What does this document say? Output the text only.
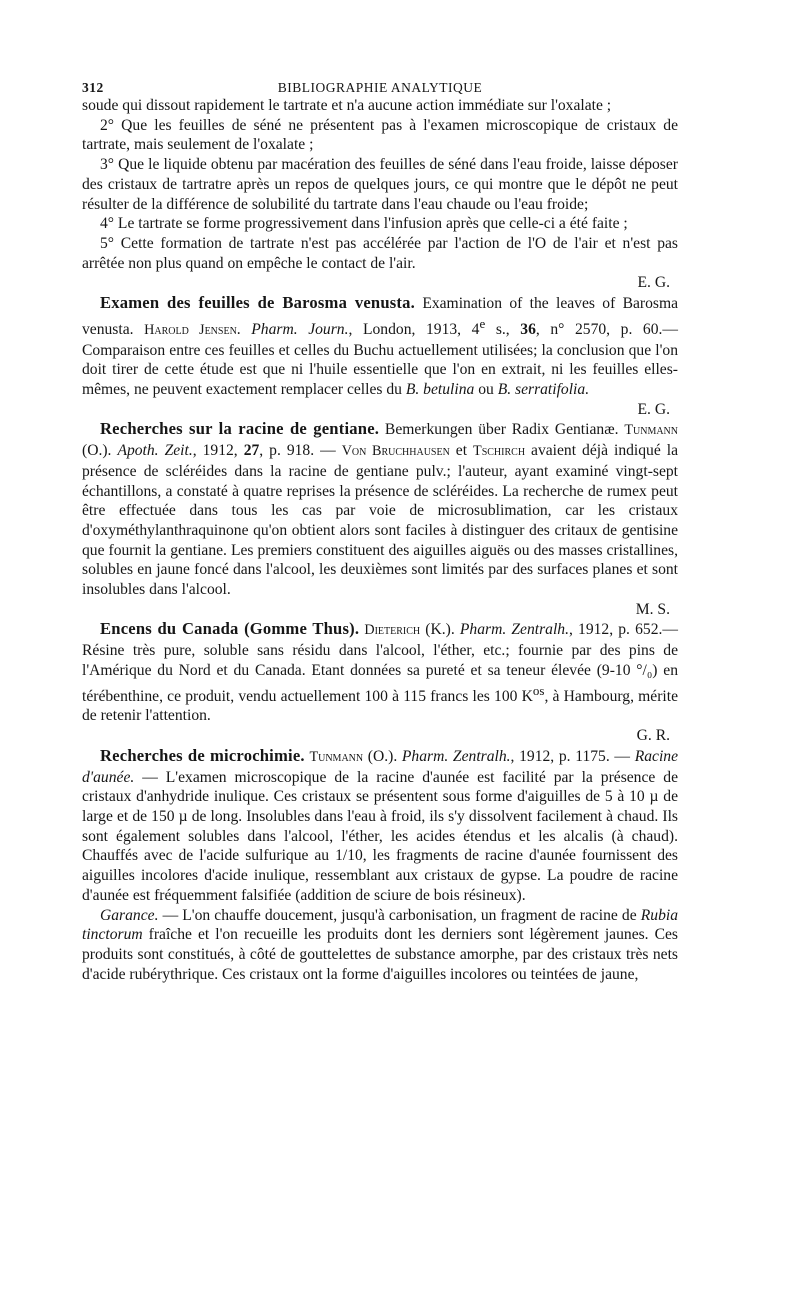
312	BIBLIOGRAPHIE ANALYTIQUE

soude qui dissout rapidement le tartrate et n'a aucune action immédiate sur l'oxalate ;

2° Que les feuilles de séné ne présentent pas à l'examen microscopique de cristaux de tartrate, mais seulement de l'oxalate ;

3° Que le liquide obtenu par macération des feuilles de séné dans l'eau froide, laisse déposer des cristaux de tartratre après un repos de quelques jours, ce qui montre que le dépôt ne peut résulter de la différence de solubilité du tartrate dans l'eau chaude ou l'eau froide;

4° Le tartrate se forme progressivement dans l'infusion après que celle-ci a été faite ;

5° Cette formation de tartrate n'est pas accélérée par l'action de l'O de l'air et n'est pas arrêtée non plus quand on empêche le contact de l'air.

E. G.

Examen des feuilles de Barosma venusta. Examination of the leaves of Barosma venusta. Harold Jensen. Pharm. Journ., London, 1913, 4e s., 36, n° 2570, p. 60.— Comparaison entre ces feuilles et celles du Buchu actuellement utilisées; la conclusion que l'on doit tirer de cette étude est que ni l'huile essentielle que l'on en extrait, ni les feuilles elles-mêmes, ne peuvent exactement remplacer celles du B. betulina ou B. serratifolia.

E. G.

Recherches sur la racine de gentiane. Bemerkungen über Radix Gentianæ. Tunmann (O.). Apoth. Zeit., 1912, 27, p. 918. — Von Bruchhausen et Tschirch avaient déjà indiqué la présence de scléréides dans la racine de gentiane pulv.; l'auteur, ayant examiné vingt-sept échantillons, a constaté à quatre reprises la présence de scléréides. La recherche de rumex peut être effectuée dans tous les cas par voie de microsublimation, car les cristaux d'oxyméthylanthraquinone qu'on obtient alors sont faciles à distinguer des critaux de gentisine que fournit la gentiane. Les premiers constituent des aiguilles aiguës ou des masses cristallines, solubles en jaune foncé dans l'alcool, les deuxièmes sont limités par des surfaces planes et sont insolubles dans l'alcool.

M. S.

Encens du Canada (Gomme Thus). Dieterich (K.). Pharm. Zentralh., 1912, p. 652.— Résine très pure, soluble sans résidu dans l'alcool, l'éther, etc.; fournie par des pins de l'Amérique du Nord et du Canada. Etant données sa pureté et sa teneur élevée (9-10 °/₀) en térébenthine, ce produit, vendu actuellement 100 à 115 francs les 100 $K^{os}$, à Hambourg, mérite de retenir l'attention.

G. R.

Recherches de microchimie. Tunmann (O.). Pharm. Zentralh., 1912, p. 1175. — Racine d'aunée. — L'examen microscopique de la racine d'aunée est facilité par la présence de cristaux d'anhydride inulique. Ces cristaux se présentent sous forme d'aiguilles de 5 à 10 µ de large et de 150 µ de long. Insolubles dans l'eau à froid, ils s'y dissolvent facilement à chaud. Ils sont également solubles dans l'alcool, l'éther, les acides étendus et les alcalis (à chaud). Chauffés avec de l'acide sulfurique au 1/10, les fragments de racine d'aunée fournissent des aiguilles incolores d'acide inulique, ressemblant aux cristaux de gypse. La poudre de racine d'aunée est fréquemment falsifiée (addition de sciure de bois résineux).

Garance. — L'on chauffe doucement, jusqu'à carbonisation, un fragment de racine de Rubia tinctorum fraîche et l'on recueille les produits dont les derniers sont légèrement jaunes. Ces produits sont constitués, à côté de gouttelettes de substance amorphe, par des cristaux très nets d'acide rubérythrique. Ces cristaux ont la forme d'aiguilles incolores ou teintées de jaune,
